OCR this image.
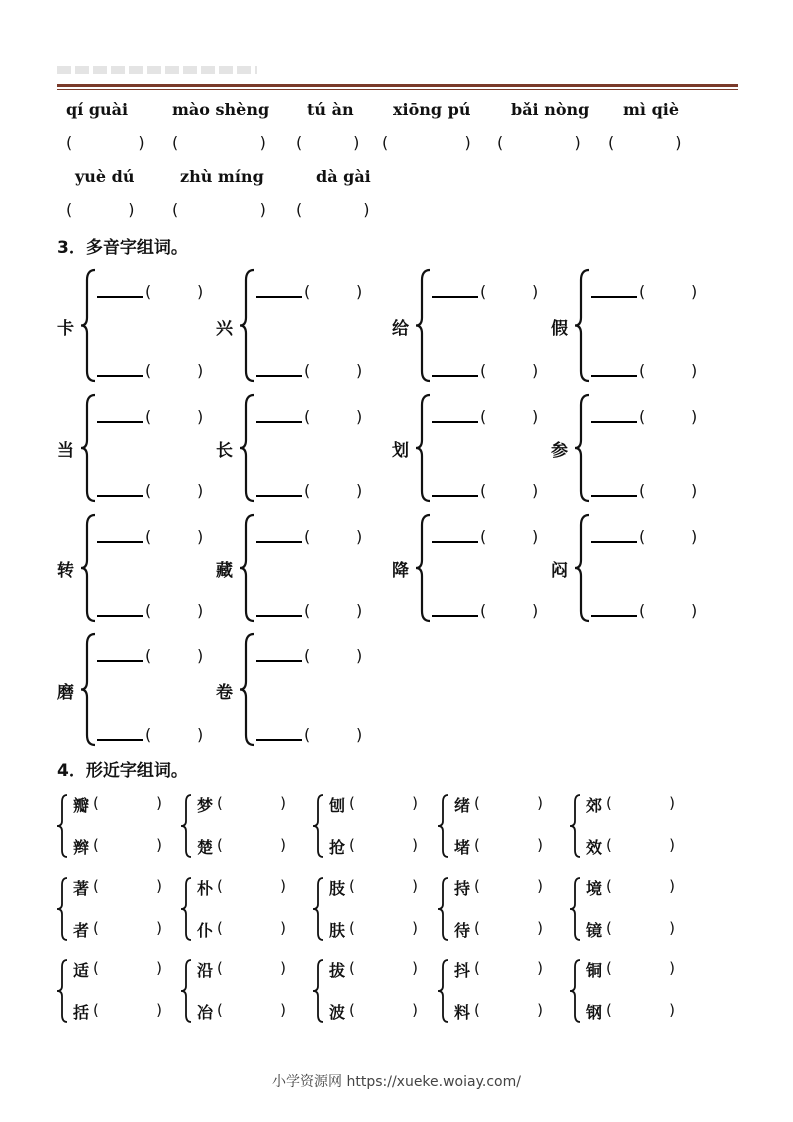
qí guài	mào shèng tú àn xiōng pú	bǎi nòng mì qiè
(             ) (                ) (          ) (               ) (              ) (            )
yuè dú	zhù míng	dà gài
(           ) (                ) (            )
3．多音字组词。
卡
(         )
(         )
兴
(         )
(         )
给
(         )
(         )
假
(         )
(         )
当
(         )
(         )
长
(         )
(         )
划
(         )
(         )
参
(         )
(         )
转
(         )
(         )
藏
(         )
(         )
降
(         )
(         )
闷
(         )
(         )
磨
(         )
(         )
卷
(         )
(         )
4．形近字组词。
瓣 (            )
辫 (            )
梦 (            )
楚 (            )
刨 (            )
抢 (            )
绪 (            )
堵 (            )
郊 (            )
效 (            )
著 (            )
者 (            )
朴 (            )
仆 (            )
肢 (            )
肤 (            )
持 (            )
待 (            )
境 (            )
镜 (            )
适 (            )
括 (            )
沿 (            )
冶 (            )
拔 (            )
波 (            )
抖 (            )
料 (            )
铜 (            )
钢 (            )
小学资源网 https://xueke.woiay.com/
